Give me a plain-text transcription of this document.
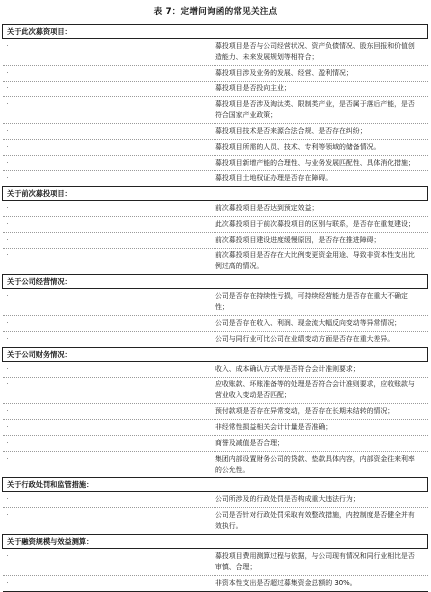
表 7：定增问询函的常见关注点
关于此次募资项目：	
·	募投项目是否与公司经营状况、资产负债情况、股东回报和价值创造能力、未来发展规划等相符合；
·	募投项目涉及业务的发展、经营、盈利情况；
·	募投项目是否投向主业；
·	募投项目是否涉及淘汰类、限制类产业，是否属于落后产能，是否符合国家产业政策；
·	募投项目技术是否来源合法合规、是否存在纠纷；
·	募投项目所需的人员、技术、专利等领域的储备情况。
·	募投项目新增产能的合理性、与业务发展匹配性、具体消化措施；
·	募投项目土地权证办理是否存在障碍。
关于前次募投项目：	
·	前次募投项目是否达到预定效益；
·	此次募投项目于前次募投项目的区别与联系，是否存在重复建设；
·	前次募投项目建设进度缓慢原因，是否存在推进障碍；
·	前次募投项目是否存在大比例变更资金用途、导致非资本性支出比例过高的情况。
关于公司经营情况：	
·	公司是否存在持续性亏损，可持续经营能力是否存在重大不确定性；
·	公司是否存在收入、利润、现金流大幅反向变动等异常情况；
·	公司与同行业可比公司在业绩变动方面是否存在重大差异。
关于公司财务情况：	
·	收入、成本确认方式等是否符合会计准则要求；
·	应收账款、坏账准备等的处理是否符合会计准则要求，应收账款与营业收入变动是否匹配；
·	预付款项是否存在异常变动，是否存在长期未结转的情况；
·	非经常性损益相关会计计量是否准确；
·	商誉及减值是否合理；
·	集团内部设置财务公司的贷款、垫款具体内容，内部资金往来利率的公允性。
关于行政处罚和监管措施：	
·	公司所涉及的行政处罚是否构成重大违法行为；
·	公司是否针对行政处罚采取有效整改措施，内控制度是否健全并有效执行。
关于融资规模与效益测算：	
·	募投项目费用测算过程与依据，与公司现有情况和同行业相比是否审慎、合理；
·	非资本性支出是否超过募集资金总额的 30%。
